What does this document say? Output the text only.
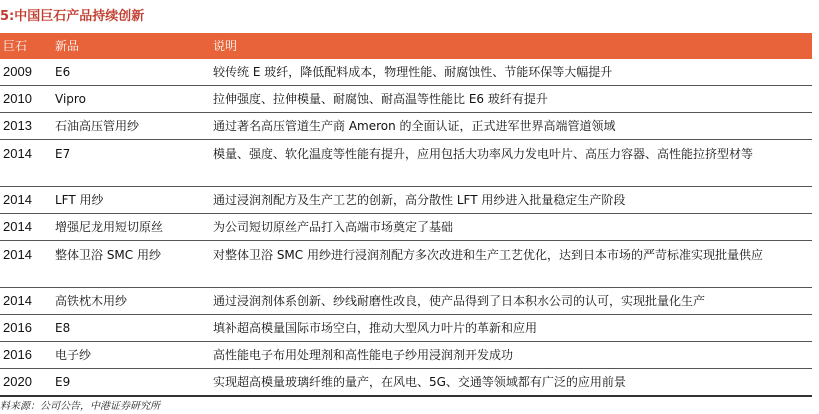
5:中国巨石产品持续创新
巨石	新品	说明
2009	E6	较传统 E 玻纤，降低配料成本，物理性能、耐腐蚀性、节能环保等大幅提升
2010	Vipro	拉伸强度、拉伸模量、耐腐蚀、耐高温等性能比 E6 玻纤有提升
2013	石油高压管用纱	通过著名高压管道生产商 Ameron 的全面认证，正式进军世界高端管道领域
2014	E7	模量、强度、软化温度等性能有提升，应用包括大功率风力发电叶片、高压力容器、高性能拉挤型材等
2014	LFT 用纱	通过浸润剂配方及生产工艺的创新，高分散性 LFT 用纱进入批量稳定生产阶段
2014	增强尼龙用短切原丝	为公司短切原丝产品打入高端市场奠定了基础
2014	整体卫浴 SMC 用纱	对整体卫浴 SMC 用纱进行浸润剂配方多次改进和生产工艺优化，达到日本市场的严苛标准实现批量供应
2014	高铁枕木用纱	通过浸润剂体系创新、纱线耐磨性改良，使产品得到了日本积水公司的认可，实现批量化生产
2016	E8	填补超高模量国际市场空白，推动大型风力叶片的革新和应用
2016	电子纱	高性能电子布用处理剂和高性能电子纱用浸润剂开发成功
2020	E9	实现超高模量玻璃纤维的量产，在风电、5G、交通等领域都有广泛的应用前景
料来源：公司公告，中港证券研究所
